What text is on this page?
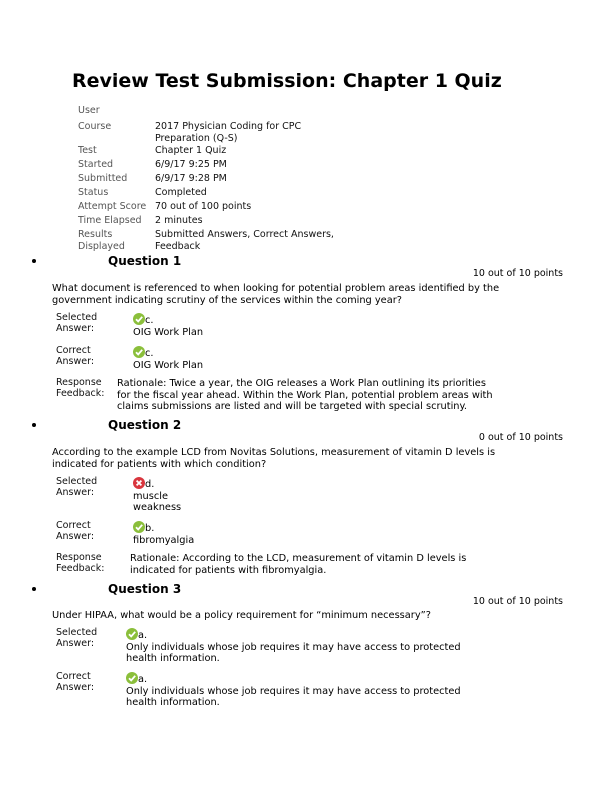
Review Test Submission: Chapter 1 Quiz
User
Course	2017 Physician Coding for CPC Preparation (Q-S)
Test	Chapter 1 Quiz
Started	6/9/17 9:25 PM
Submitted	6/9/17 9:28 PM
Status	Completed
Attempt Score 70 out of 100 points
Time Elapsed 2 minutes
Results Displayed
Submitted Answers, Correct Answers, Feedback
Question 1
10 out of 10 points
What document is referenced to when looking for potential problem areas identified by the government indicating scrutiny of the services within the coming year?
Selected Answer:
c.
OIG Work Plan
Correct Answer:
c.
OIG Work Plan
Response Feedback:
Rationale: Twice a year, the OIG releases a Work Plan outlining its priorities for the fiscal year ahead. Within the Work Plan, potential problem areas with claims submissions are listed and will be targeted with special scrutiny.
Question 2
0 out of 10 points
According to the example LCD from Novitas Solutions, measurement of vitamin D levels is indicated for patients with which condition?
Selected Answer:
d.
muscle weakness
Correct Answer:
b.
fibromyalgia
Response Feedback:
Rationale: According to the LCD, measurement of vitamin D levels is indicated for patients with fibromyalgia.
Question 3
10 out of 10 points
Under HIPAA, what would be a policy requirement for “minimum necessary”?
Selected Answer:
a.
Only individuals whose job requires it may have access to protected health information.
Correct Answer:
a.
Only individuals whose job requires it may have access to protected health information.
